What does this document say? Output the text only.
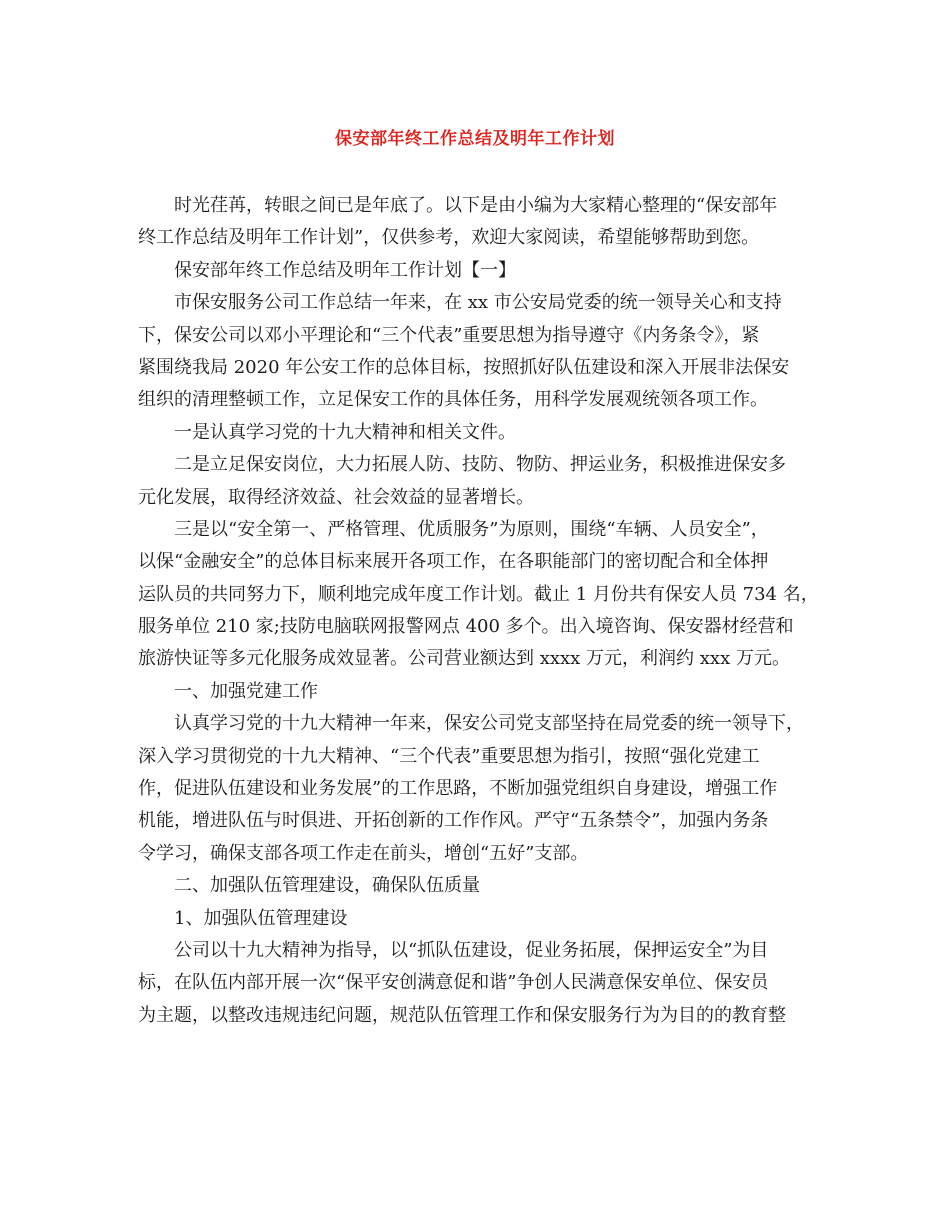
保安部年终工作总结及明年工作计划
时光荏苒，转眼之间已是年底了。以下是由小编为大家精心整理的“保安部年
终工作总结及明年工作计划”，仅供参考，欢迎大家阅读，希望能够帮助到您。
保安部年终工作总结及明年工作计划【一】
市保安服务公司工作总结一年来，在 xx 市公安局党委的统一领导关心和支持
下，保安公司以邓小平理论和“三个代表”重要思想为指导遵守《内务条令》，紧
紧围绕我局 2020 年公安工作的总体目标，按照抓好队伍建设和深入开展非法保安
组织的清理整顿工作，立足保安工作的具体任务，用科学发展观统领各项工作。
一是认真学习党的十九大精神和相关文件。
二是立足保安岗位，大力拓展人防、技防、物防、押运业务，积极推进保安多
元化发展，取得经济效益、社会效益的显著增长。
三是以“安全第一、严格管理、优质服务”为原则，围绕“车辆、人员安全”，
以保“金融安全”的总体目标来展开各项工作，在各职能部门的密切配合和全体押
运队员的共同努力下，顺利地完成年度工作计划。截止 1 月份共有保安人员 734 名，
服务单位 210 家;技防电脑联网报警网点 400 多个。出入境咨询、保安器材经营和
旅游快证等多元化服务成效显著。公司营业额达到 xxxx 万元，利润约 xxx 万元。
一、加强党建工作
认真学习党的十九大精神一年来，保安公司党支部坚持在局党委的统一领导下，
深入学习贯彻党的十九大精神、“三个代表”重要思想为指引，按照“强化党建工
作，促进队伍建设和业务发展”的工作思路，不断加强党组织自身建设，增强工作
机能，增进队伍与时俱进、开拓创新的工作作风。严守“五条禁令”，加强内务条
令学习，确保支部各项工作走在前头，增创“五好”支部。
二、加强队伍管理建设，确保队伍质量
1、加强队伍管理建设
公司以十九大精神为指导，以“抓队伍建设，促业务拓展，保押运安全”为目
标，在队伍内部开展一次“保平安创满意促和谐”争创人民满意保安单位、保安员
为主题，以整改违规违纪问题，规范队伍管理工作和保安服务行为为目的的教育整
